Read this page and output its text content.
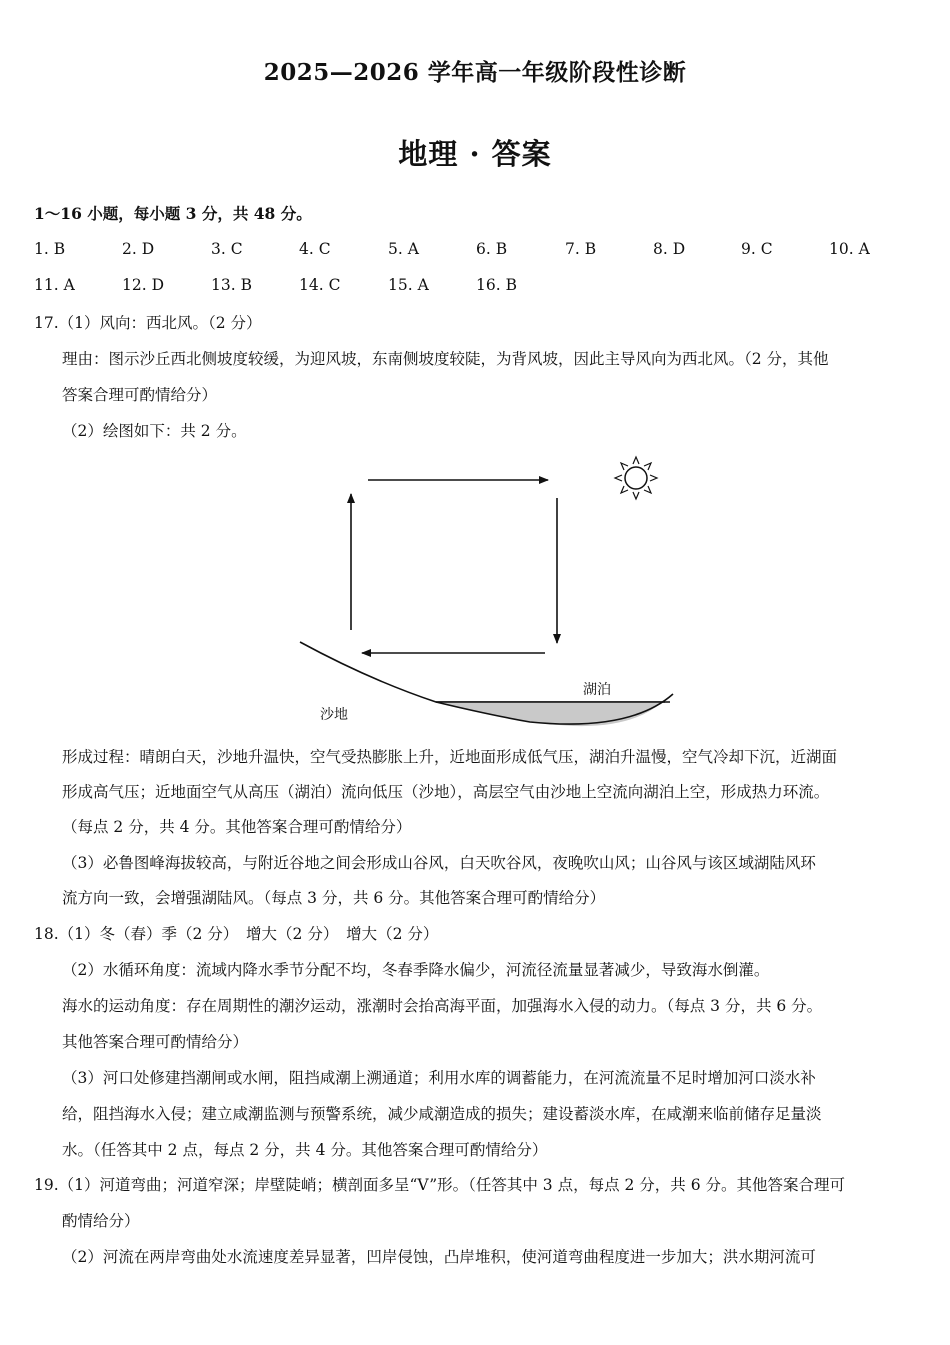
2025—2026 学年高一年级阶段性诊断
地理 · 答案
1～16 小题，每小题 3 分，共 48 分。
1. B	2. D	3. C	4. C	5. A	6. B	7. B	8. D	9. C	10. A
11. A	12. D	13. B	14. C	15. A	16. B
17.（1）风向：西北风。（2 分）
理由：图示沙丘西北侧坡度较缓，为迎风坡，东南侧坡度较陡，为背风坡，因此主导风向为西北风。（2 分，其他
答案合理可酌情给分）
（2）绘图如下：共 2 分。
沙地
湖泊
形成过程：晴朗白天，沙地升温快，空气受热膨胀上升，近地面形成低气压，湖泊升温慢，空气冷却下沉，近湖面
形成高气压；近地面空气从高压（湖泊）流向低压（沙地），高层空气由沙地上空流向湖泊上空，形成热力环流。
（每点 2 分，共 4 分。其他答案合理可酌情给分）
（3）必鲁图峰海拔较高，与附近谷地之间会形成山谷风，白天吹谷风，夜晚吹山风；山谷风与该区域湖陆风环
流方向一致，会增强湖陆风。（每点 3 分，共 6 分。其他答案合理可酌情给分）
18.（1）冬（春）季（2 分）　增大（2 分）　增大（2 分）
（2）水循环角度：流域内降水季节分配不均，冬春季降水偏少，河流径流量显著减少，导致海水倒灌。
海水的运动角度：存在周期性的潮汐运动，涨潮时会抬高海平面，加强海水入侵的动力。（每点 3 分，共 6 分。
其他答案合理可酌情给分）
（3）河口处修建挡潮闸或水闸，阻挡咸潮上溯通道；利用水库的调蓄能力，在河流流量不足时增加河口淡水补
给，阻挡海水入侵；建立咸潮监测与预警系统，减少咸潮造成的损失；建设蓄淡水库，在咸潮来临前储存足量淡
水。（任答其中 2 点，每点 2 分，共 4 分。其他答案合理可酌情给分）
19.（1）河道弯曲；河道窄深；岸壁陡峭；横剖面多呈“V”形。（任答其中 3 点，每点 2 分，共 6 分。其他答案合理可
酌情给分）
（2）河流在两岸弯曲处水流速度差异显著，凹岸侵蚀，凸岸堆积，使河道弯曲程度进一步加大；洪水期河流可
